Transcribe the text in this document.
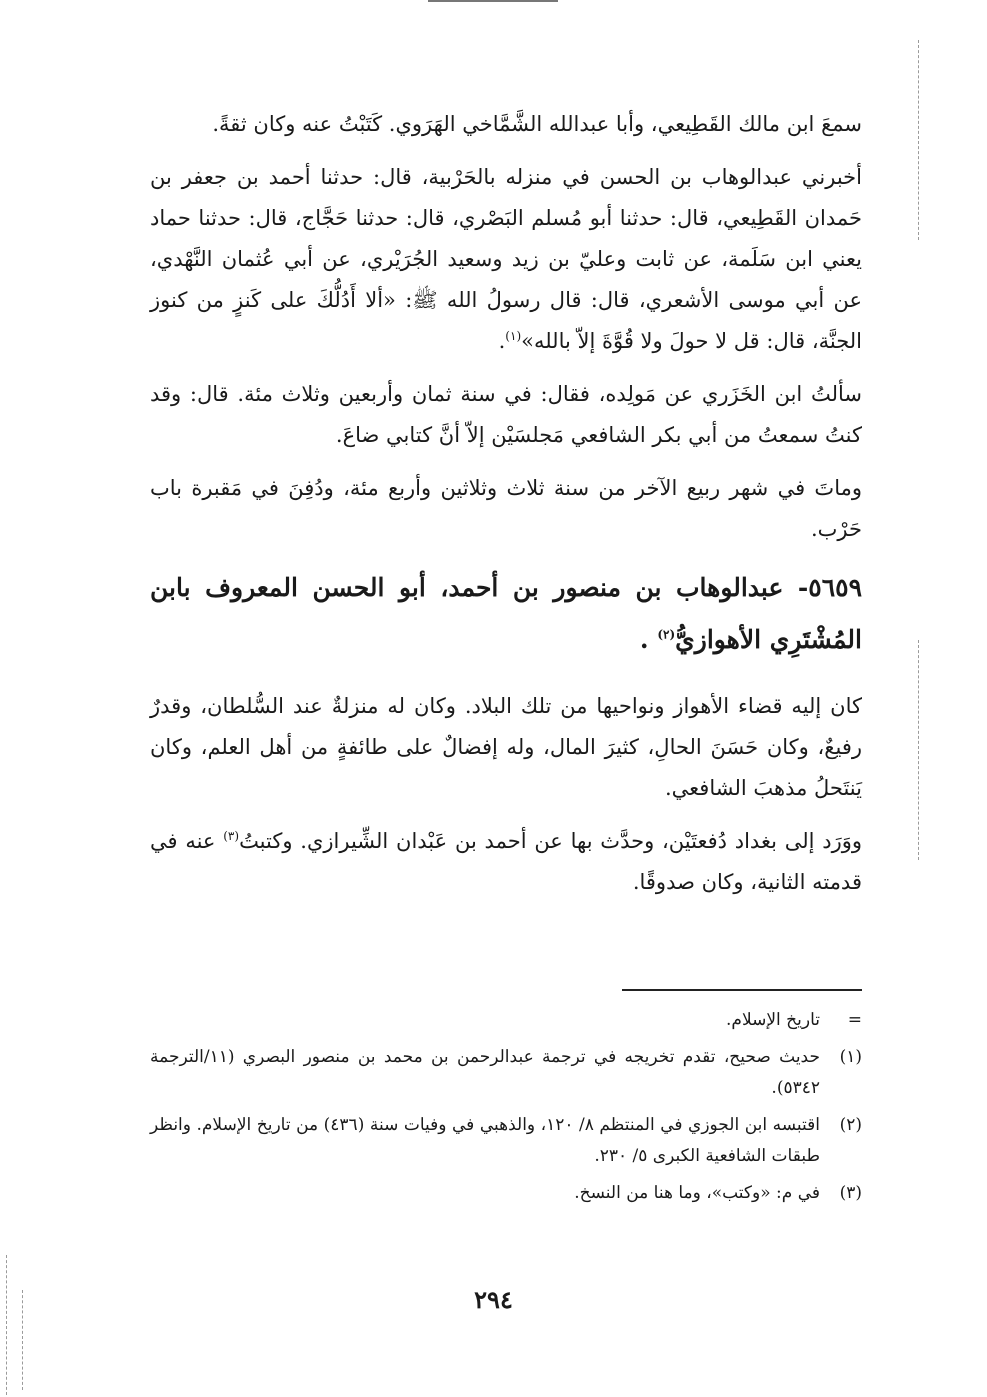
سمعَ ابن مالك القَطِيعي، وأبا عبدالله الشَّمَّاخي الهَرَوي. كَتَبْتُ عنه وكان ثقةً.

أخبرني عبدالوهاب بن الحسن في منزله بالحَرْبية، قال: حدثنا أحمد بن جعفر بن حَمدان القَطِيعي، قال: حدثنا أبو مُسلم البَصْري، قال: حدثنا حَجَّاج، قال: حدثنا حماد يعني ابن سَلَمة، عن ثابت وعليّ بن زيد وسعيد الجُرَيْري، عن أبي عُثمان النَّهْدي، عن أبي موسى الأشعري، قال: قال رسولُ الله ﷺ: «ألا أَدُلُّكَ على كَنزٍ من كنوز الجنَّة، قال: قل لا حولَ ولا قُوَّةَ إلاّ بالله»$^{(١)}$.

سألتُ ابن الخَزَري عن مَولِده، فقال: في سنة ثمان وأربعين وثلاث مئة. قال: وقد كنتُ سمعتُ من أبي بكر الشافعي مَجلسَيْن إلاّ أنَّ كتابي ضاعَ.

وماتَ في شهر ربيع الآخر من سنة ثلاث وثلاثين وأربع مئة، ودُفِنَ في مَقبرة باب حَرْب.

٥٦٥٩- عبدالوهاب بن منصور بن أحمد، أبو الحسن المعروف بابن المُشْتَرِي الأهوازيُّ$^{(٢)}$ .

كان إليه قضاء الأهواز ونواحيها من تلك البلاد. وكان له منزلةٌ عند السُّلطان، وقدرٌ رفيعٌ، وكان حَسَنَ الحالِ، كثيرَ المال، وله إفضالٌ على طائفةٍ من أهل العلم، وكان يَنتَحلُ مذهبَ الشافعي.

ووَرَد إلى بغداد دُفعتَيْن، وحدَّث بها عن أحمد بن عَبْدان الشِّيرازي. وكتبتُ$^{(٣)}$ عنه في قدمته الثانية، وكان صدوقًا.

=
تاريخ الإسلام.
(١)
حديث صحيح، تقدم تخريجه في ترجمة عبدالرحمن بن محمد بن منصور البصري (١١/الترجمة ٥٣٤٢).
(٢)
اقتبسه ابن الجوزي في المنتظم ٨/ ١٢٠، والذهبي في وفيات سنة (٤٣٦) من تاريخ الإسلام. وانظر طبقات الشافعية الكبرى ٥/ ٢٣٠.
(٣)
في م: «وكتب»، وما هنا من النسخ.
٢٩٤
